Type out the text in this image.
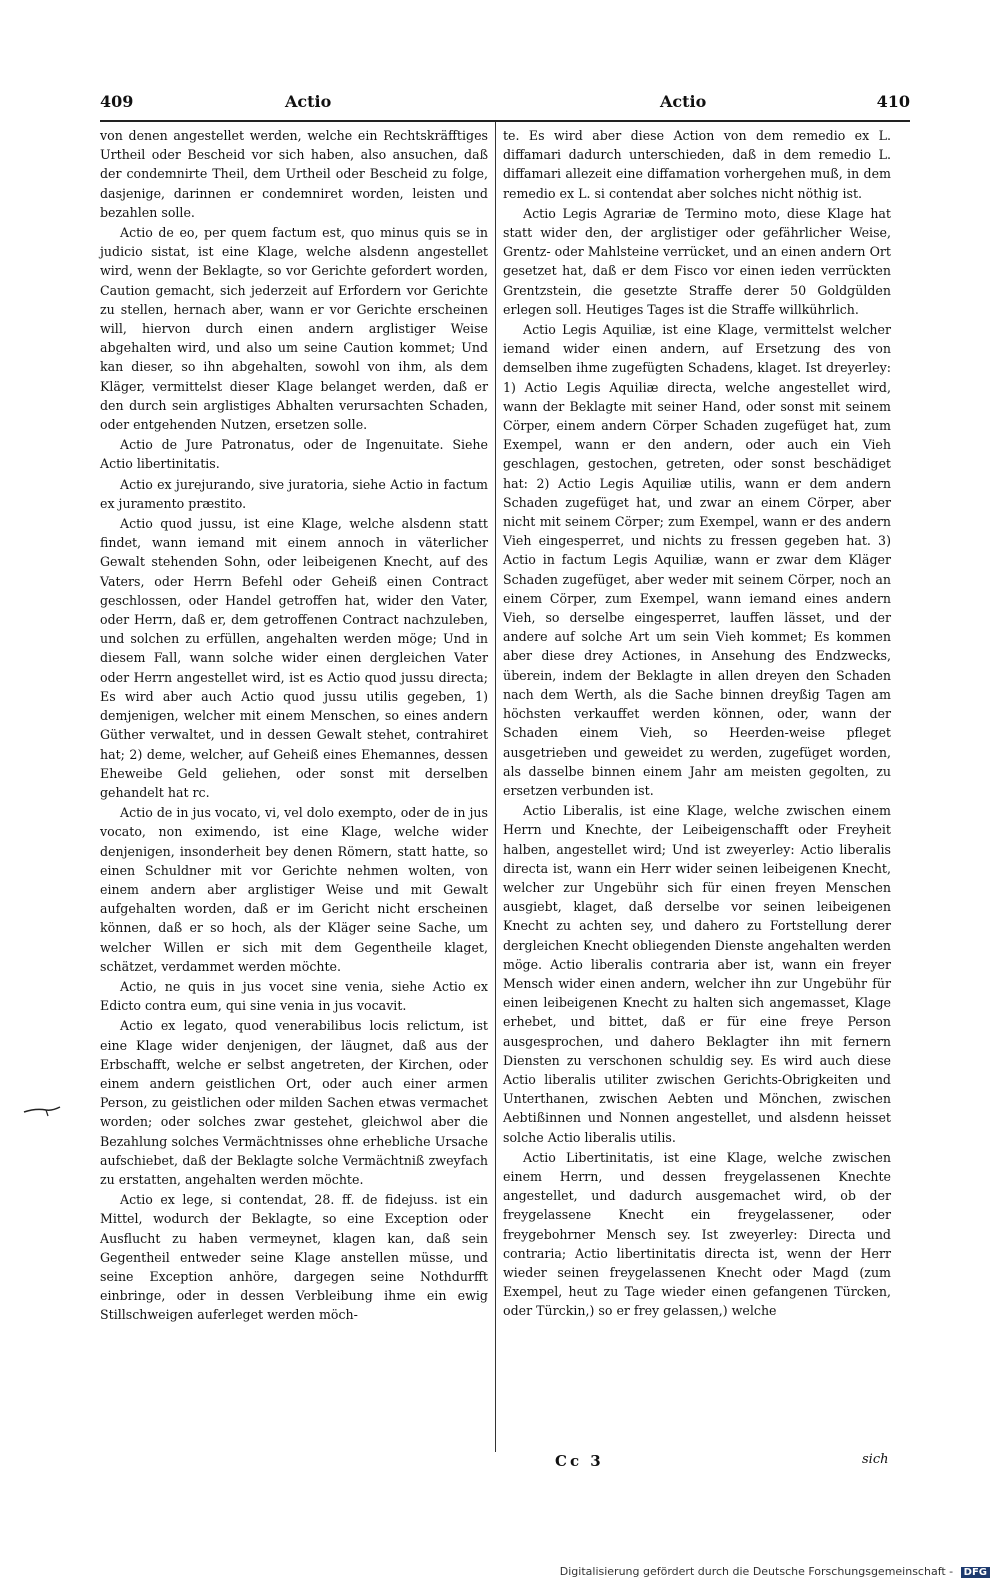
409	Actio	Actio	410

von denen angestellet werden, welche ein Rechtskräfftiges Urtheil oder Bescheid vor sich haben, also ansuchen, daß der condemnirte Theil, dem Urtheil oder Bescheid zu folge, dasjenige, darinnen er condemniret worden, leisten und bezahlen solle.

Actio de eo, per quem factum est, quo minus quis se in judicio sistat, ist eine Klage, welche alsdenn angestellet wird, wenn der Beklagte, so vor Gerichte gefordert worden, Caution gemacht, sich jederzeit auf Erfordern vor Gerichte zu stellen, hernach aber, wann er vor Gerichte erscheinen will, hiervon durch einen andern arglistiger Weise abgehalten wird, und also um seine Caution kommet; Und kan dieser, so ihn abgehalten, sowohl von ihm, als dem Kläger, vermittelst dieser Klage belanget werden, daß er den durch sein arglistiges Abhalten verursachten Schaden, oder entgehenden Nutzen, ersetzen solle.

Actio de Jure Patronatus, oder de Ingenuitate. Siehe Actio libertinitatis.

Actio ex jurejurando, sive juratoria, siehe Actio in factum ex juramento præstito.

Actio quod jussu, ist eine Klage, welche alsdenn statt findet, wann iemand mit einem annoch in väterlicher Gewalt stehenden Sohn, oder leibeigenen Knecht, auf des Vaters, oder Herrn Befehl oder Geheiß einen Contract geschlossen, oder Handel getroffen hat, wider den Vater, oder Herrn, daß er, dem getroffenen Contract nachzuleben, und solchen zu erfüllen, angehalten werden möge; Und in diesem Fall, wann solche wider einen dergleichen Vater oder Herrn angestellet wird, ist es Actio quod jussu directa; Es wird aber auch Actio quod jussu utilis gegeben, 1) demjenigen, welcher mit einem Menschen, so eines andern Güther verwaltet, und in dessen Gewalt stehet, contrahiret hat; 2) deme, welcher, auf Geheiß eines Ehemannes, dessen Eheweibe Geld geliehen, oder sonst mit derselben gehandelt hat rc.

Actio de in jus vocato, vi, vel dolo exempto, oder de in jus vocato, non eximendo, ist eine Klage, welche wider denjenigen, insonderheit bey denen Römern, statt hatte, so einen Schuldner mit vor Gerichte nehmen wolten, von einem andern aber arglistiger Weise und mit Gewalt aufgehalten worden, daß er im Gericht nicht erscheinen können, daß er so hoch, als der Kläger seine Sache, um welcher Willen er sich mit dem Gegentheile klaget, schätzet, verdammet werden möchte.

Actio, ne quis in jus vocet sine venia, siehe Actio ex Edicto contra eum, qui sine venia in jus vocavit.

Actio ex legato, quod venerabilibus locis relictum, ist eine Klage wider denjenigen, der läugnet, daß aus der Erbschafft, welche er selbst angetreten, der Kirchen, oder einem andern geistlichen Ort, oder auch einer armen Person, zu geistlichen oder milden Sachen etwas vermachet worden; oder solches zwar gestehet, gleichwol aber die Bezahlung solches Vermächtnisses ohne erhebliche Ursache aufschiebet, daß der Beklagte solche Vermächtniß zweyfach zu erstatten, angehalten werden möchte.

Actio ex lege, si contendat, 28. ff. de fidejuss. ist ein Mittel, wodurch der Beklagte, so eine Exception oder Ausflucht zu haben vermeynet, klagen kan, daß sein Gegentheil entweder seine Klage anstellen müsse, und seine Exception anhöre, dargegen seine Nothdurfft einbringe, oder in dessen Verbleibung ihme ein ewig Stillschweigen auferleget werden möch-

te. Es wird aber diese Action von dem remedio ex L. diffamari dadurch unterschieden, daß in dem remedio L. diffamari allezeit eine diffamation vorhergehen muß, in dem remedio ex L. si contendat aber solches nicht nöthig ist.

Actio Legis Agrariæ de Termino moto, diese Klage hat statt wider den, der arglistiger oder gefährlicher Weise, Grentz- oder Mahlsteine verrücket, und an einen andern Ort gesetzet hat, daß er dem Fisco vor einen ieden verrückten Grentzstein, die gesetzte Straffe derer 50 Goldgülden erlegen soll. Heutiges Tages ist die Straffe willkührlich.

Actio Legis Aquiliæ, ist eine Klage, vermittelst welcher iemand wider einen andern, auf Ersetzung des von demselben ihme zugefügten Schadens, klaget. Ist dreyerley: 1) Actio Legis Aquiliæ directa, welche angestellet wird, wann der Beklagte mit seiner Hand, oder sonst mit seinem Cörper, einem andern Cörper Schaden zugefüget hat, zum Exempel, wann er den andern, oder auch ein Vieh geschlagen, gestochen, getreten, oder sonst beschädiget hat: 2) Actio Legis Aquiliæ utilis, wann er dem andern Schaden zugefüget hat, und zwar an einem Cörper, aber nicht mit seinem Cörper; zum Exempel, wann er des andern Vieh eingesperret, und nichts zu fressen gegeben hat. 3) Actio in factum Legis Aquiliæ, wann er zwar dem Kläger Schaden zugefüget, aber weder mit seinem Cörper, noch an einem Cörper, zum Exempel, wann iemand eines andern Vieh, so derselbe eingesperret, lauffen lässet, und der andere auf solche Art um sein Vieh kommet; Es kommen aber diese drey Actiones, in Ansehung des Endzwecks, überein, indem der Beklagte in allen dreyen den Schaden nach dem Werth, als die Sache binnen dreyßig Tagen am höchsten verkauffet werden können, oder, wann der Schaden einem Vieh, so Heerden-weise pfleget ausgetrieben und geweidet zu werden, zugefüget worden, als dasselbe binnen einem Jahr am meisten gegolten, zu ersetzen verbunden ist.

Actio Liberalis, ist eine Klage, welche zwischen einem Herrn und Knechte, der Leibeigenschafft oder Freyheit halben, angestellet wird; Und ist zweyerley: Actio liberalis directa ist, wann ein Herr wider seinen leibeigenen Knecht, welcher zur Ungebühr sich für einen freyen Menschen ausgiebt, klaget, daß derselbe vor seinen leibeigenen Knecht zu achten sey, und dahero zu Fortstellung derer dergleichen Knecht obliegenden Dienste angehalten werden möge. Actio liberalis contraria aber ist, wann ein freyer Mensch wider einen andern, welcher ihn zur Ungebühr für einen leibeigenen Knecht zu halten sich angemasset, Klage erhebet, und bittet, daß er für eine freye Person ausgesprochen, und dahero Beklagter ihn mit fernern Diensten zu verschonen schuldig sey. Es wird auch diese Actio liberalis utiliter zwischen Gerichts-Obrigkeiten und Unterthanen, zwischen Aebten und Mönchen, zwischen Aebtißinnen und Nonnen angestellet, und alsdenn heisset solche Actio liberalis utilis.

Actio Libertinitatis, ist eine Klage, welche zwischen einem Herrn, und dessen freygelassenen Knechte angestellet, und dadurch ausgemachet wird, ob der freygelassene Knecht ein freygelassener, oder freygebohrner Mensch sey. Ist zweyerley: Directa und contraria; Actio libertinitatis directa ist, wenn der Herr wieder seinen freygelassenen Knecht oder Magd (zum Exempel, heut zu Tage wieder einen gefangenen Türcken, oder Türckin,) so er frey gelassen,) welche

Cc 3	sich
Digitalisierung gefördert durch die Deutsche Forschungsgemeinschaft - DFG
